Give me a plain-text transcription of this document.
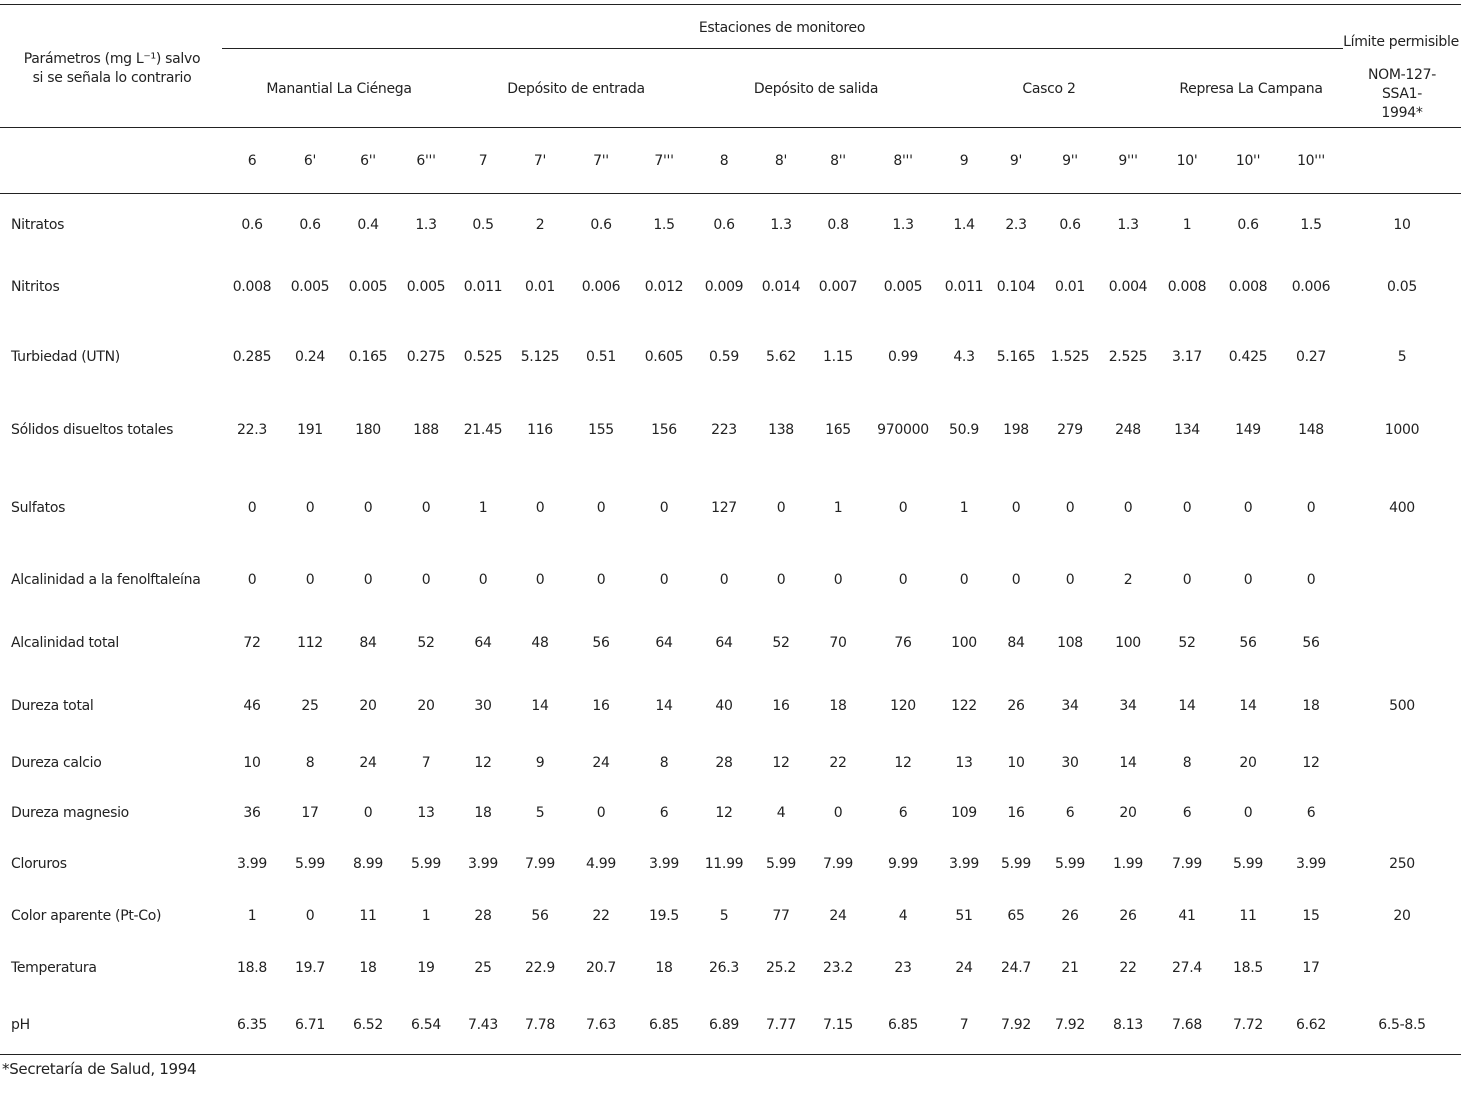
Parámetros (mg L⁻¹) salvo si se señala lo contrario
Estaciones de monitoreo
Límite permisible
NOM-127-SSA1-1994*
Manantial La Ciénega	Depósito de entrada	Depósito de salida	Casco 2	Represa La Campana
6	6'	6''	6'''	7	7'	7''	7'''	8	8'	8''	8'''	9	9'	9''	9'''	10'	10''	10'''
Nitratos	0.6	0.6	0.4	1.3	0.5	2	0.6	1.5	0.6	1.3	0.8	1.3	1.4 2.3 0.6	1.3	1	0.6	1.5	10
Nitritos	0.008 0.005 0.005 0.005 0.011 0.01 0.006 0.012 0.009 0.014 0.007 0.005 0.011 0.104 0.01 0.004 0.008 0.008 0.006	0.05
Turbiedad (UTN)	0.285 0.24 0.165 0.275 0.525 5.125 0.51 0.605 0.59 5.62 1.15	0.99	4.3 5.165 1.525 2.525 3.17 0.425 0.27	5
Sólidos disueltos totales	22.3 191 180 188 21.45 116	155	156 223 138 165 970000 50.9 198 279 248 134	149	148	1000
Sulfatos	0	0	0	0	1	0	0	0	127	0	1	0	1	0	0	0	0	0	0	400
Alcalinidad a la fenolftaleína	0	0	0	0	0	0	0	0	0	0	0	0	0	0	0	2	0	0	0
Alcalinidad total	72	112	84	52	64	48	56	64	64	52	70	76	100 84 108 100	52	56	56
Dureza total	46	25	20	20	30	14	16	14	40	16	18	120	122 26	34	34	14	14	18	500
Dureza calcio	10	8	24	7	12	9	24	8	28	12	22	12	13 10	30	14	8	20	12
Dureza magnesio	36	17	0	13	18	5	0	6	12	4	0	6	109 16	6	20	6	0	6
Cloruros	3.99 5.99 8.99 5.99 3.99 7.99 4.99 3.99 11.99 5.99 7.99	9.99 3.99 5.99 5.99 1.99 7.99 5.99 3.99	250
Color aparente (Pt-Co)	1	0	11	1	28	56	22	19.5	5	77	24	4	51 65	26	26	41	11	15	20
Temperatura	18.8 19.7 18	19	25 22.9 20.7	18	26.3 25.2 23.2	23	24 24.7 21	22	27.4 18.5	17
pH	6.35 6.71 6.52 6.54 7.43 7.78 7.63 6.85 6.89 7.77 7.15	6.85	7 7.92 7.92 8.13 7.68 7.72 6.62	6.5-8.5
*Secretaría de Salud, 1994
